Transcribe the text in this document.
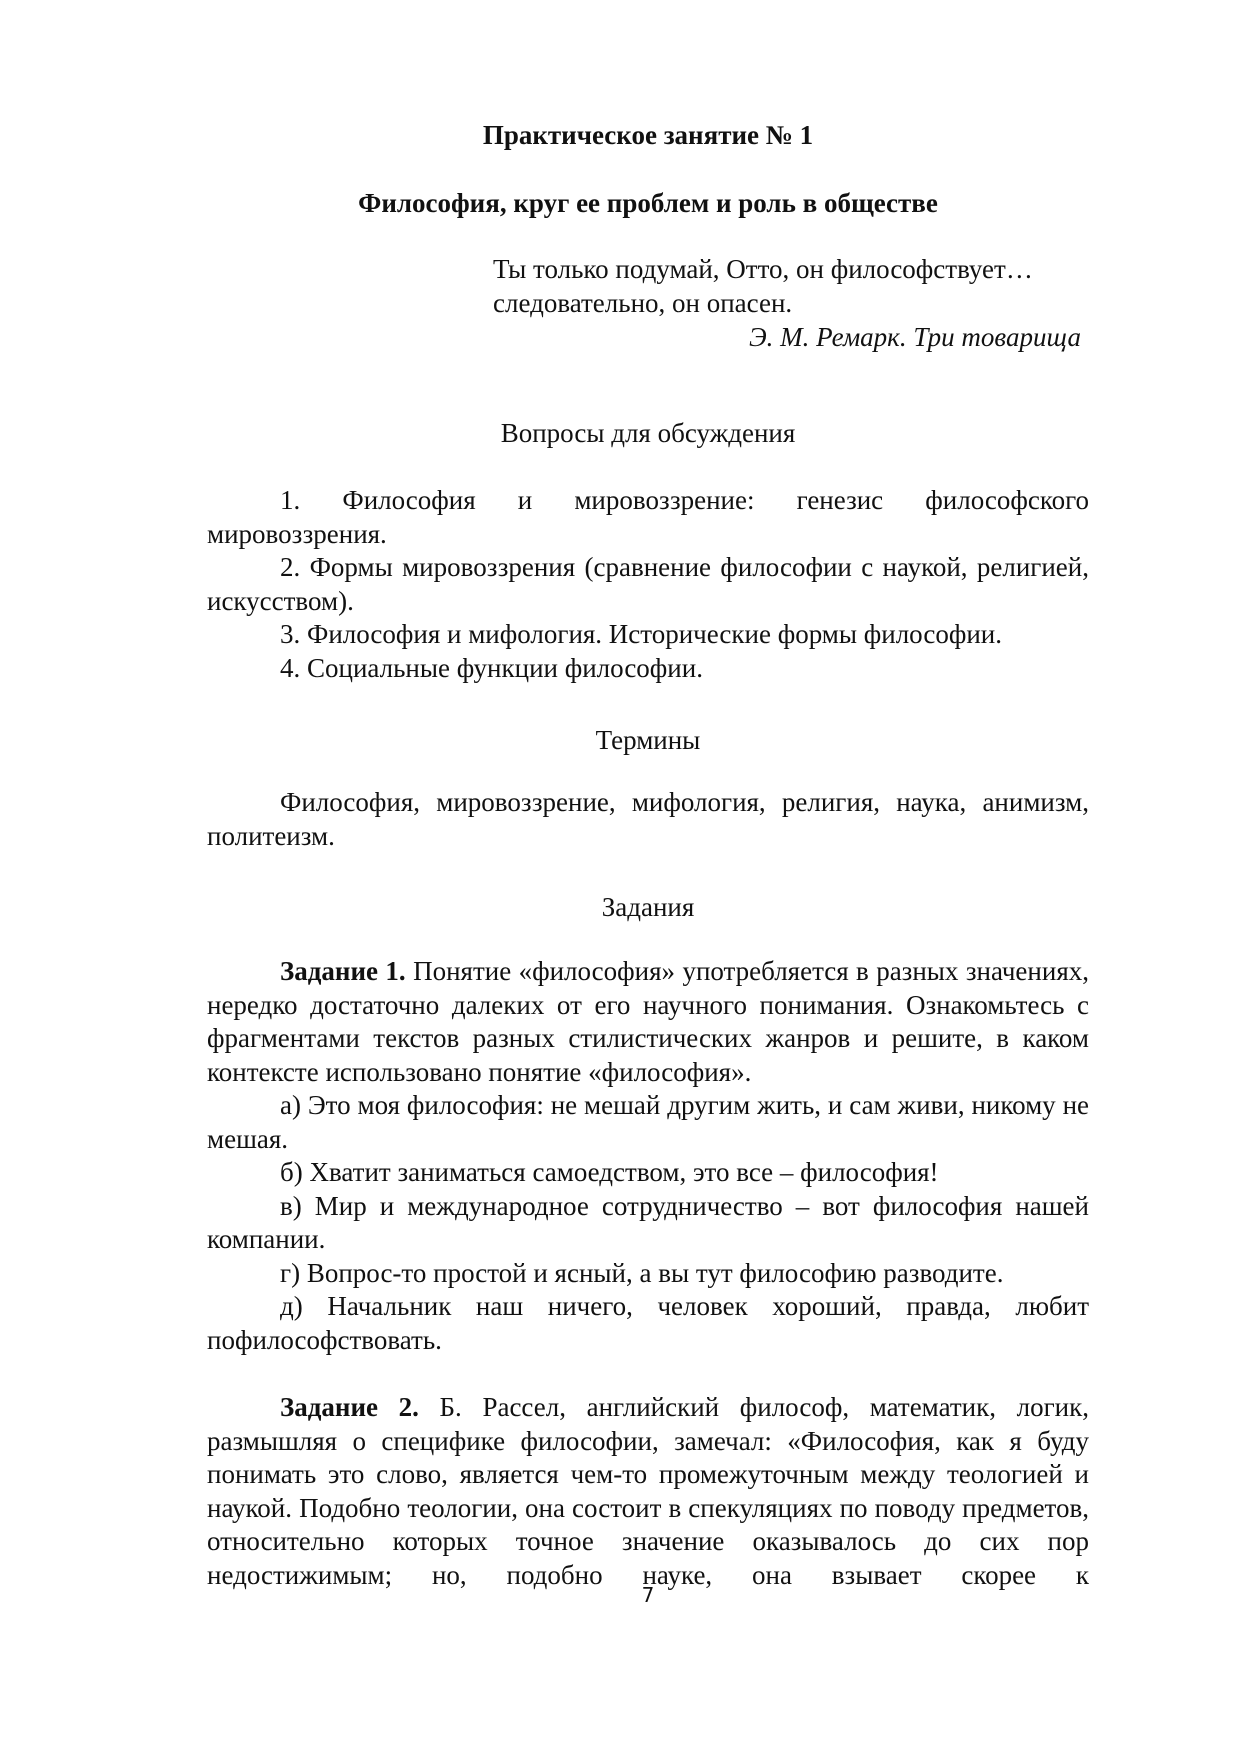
Практическое занятие № 1
Философия, круг ее проблем и роль в обществе
Ты только подумай, Отто, он философствует…
следовательно, он опасен.
Э. М. Ремарк. Три товарища
Вопросы для обсуждения

1. Философия и мировоззрение: генезис философского мировоззрения.

2. Формы мировоззрения (сравнение философии с наукой, религией, искусством).

3. Философия и мифология. Исторические формы философии.

4. Социальные функции философии.

Термины

Философия, мировоззрение, мифология, религия, наука, анимизм, политеизм.

Задания

Задание 1. Понятие «философия» употребляется в разных значениях, нередко достаточно далеких от его научного понимания. Ознакомьтесь с фрагментами текстов разных стилистических жанров и решите, в каком контексте использовано понятие «философия».

а) Это моя философия: не мешай другим жить, и сам живи, никому не мешая.

б) Хватит заниматься самоедством, это все – философия!

в) Мир и международное сотрудничество – вот философия нашей компании.

г) Вопрос-то простой и ясный, а вы тут философию разводите.

д) Начальник наш ничего, человек хороший, правда, любит пофилософствовать.

Задание 2. Б. Рассел, английский философ, математик, логик, размышляя о специфике философии, замечал: «Философия, как я буду понимать это слово, является чем-то промежуточным между теологией и наукой. Подобно теологии, она состоит в спекуляциях по поводу предметов, относительно которых точное значение оказывалось до сих пор недостижимым; но, подобно науке, она взывает скорее к

7
